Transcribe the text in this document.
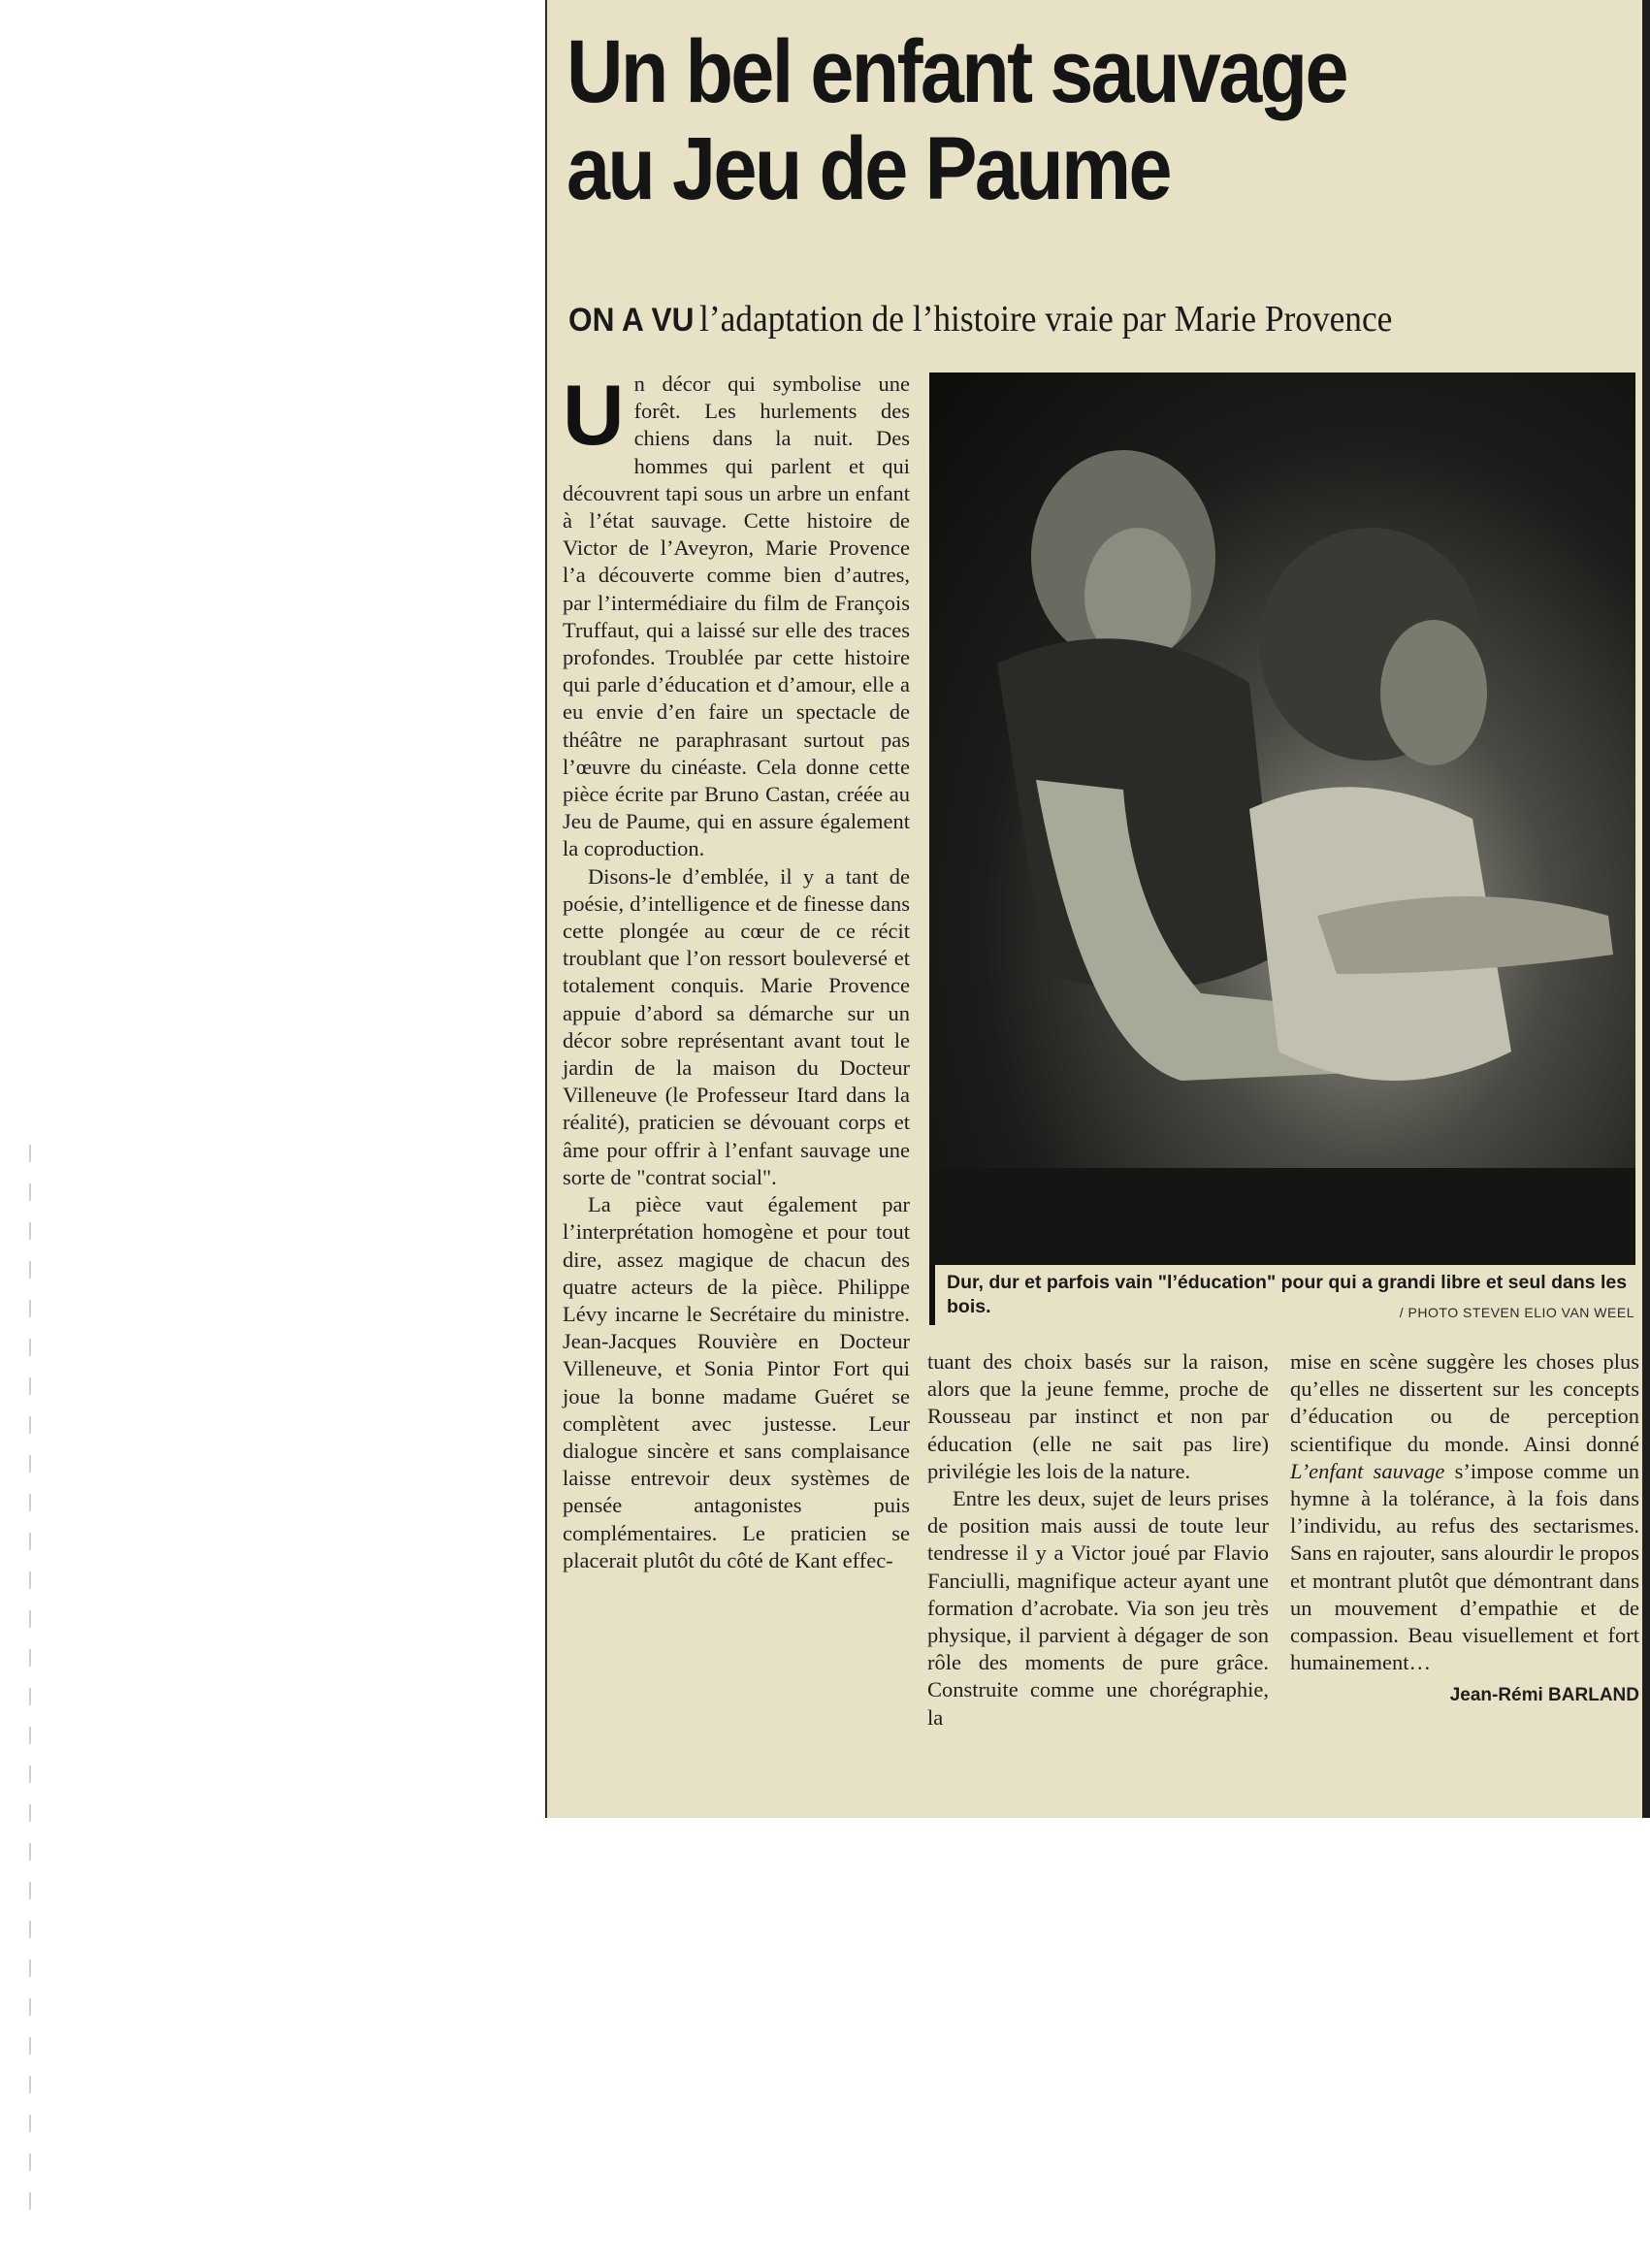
Un bel enfant sauvage
au Jeu de Paume

ON A VU l’adaptation de l’histoire vraie par Marie Provence

U n décor qui symbolise une forêt. Les hurlements des chiens dans la nuit. Des hommes qui parlent et qui découvrent tapi sous un arbre un enfant à l’état sauvage. Cette histoire de Victor de l’Aveyron, Marie Provence l’a découverte comme bien d’autres, par l’intermédiaire du film de François Truffaut, qui a laissé sur elle des traces profondes. Troublée par cette histoire qui parle d’éducation et d’amour, elle a eu envie d’en faire un spectacle de théâtre ne paraphrasant surtout pas l’œuvre du cinéaste. Cela donne cette pièce écrite par Bruno Castan, créée au Jeu de Paume, qui en assure également la coproduction.

Disons-le d’emblée, il y a tant de poésie, d’intelligence et de finesse dans cette plongée au cœur de ce récit troublant que l’on ressort bouleversé et totalement conquis. Marie Provence appuie d’abord sa démarche sur un décor sobre représentant avant tout le jardin de la maison du Docteur Villeneuve (le Professeur Itard dans la réalité), praticien se dévouant corps et âme pour offrir à l’enfant sauvage une sorte de "contrat social".

La pièce vaut également par l’interprétation homogène et pour tout dire, assez magique de chacun des quatre acteurs de la pièce. Philippe Lévy incarne le Secrétaire du ministre. Jean-Jacques Rouvière en Docteur Villeneuve, et Sonia Pintor Fort qui joue la bonne madame Guéret se complètent avec justesse. Leur dialogue sincère et sans complaisance laisse entrevoir deux systèmes de pensée antagonistes puis complémentaires. Le praticien se placerait plutôt du côté de Kant effec-

Dur, dur et parfois vain "l’éducation" pour qui a grandi libre et seul dans les bois.	/ PHOTO STEVEN ELIO VAN WEEL

tuant des choix basés sur la raison, alors que la jeune femme, proche de Rousseau par instinct et non par éducation (elle ne sait pas lire) privilégie les lois de la nature.

Entre les deux, sujet de leurs prises de position mais aussi de toute leur tendresse il y a Victor joué par Flavio Fanciulli, magnifique acteur ayant une formation d’acrobate. Via son jeu très physique, il parvient à dégager de son rôle des moments de pure grâce. Construite comme une chorégraphie, la

mise en scène suggère les choses plus qu’elles ne dissertent sur les concepts d’éducation ou de perception scientifique du monde. Ainsi donné L’enfant sauvage s’impose comme un hymne à la tolérance, à la fois dans l’individu, au refus des sectarismes. Sans en rajouter, sans alourdir le propos et montrant plutôt que démontrant dans un mouvement d’empathie et de compassion. Beau visuellement et fort humainement…

Jean-Rémi BARLAND
